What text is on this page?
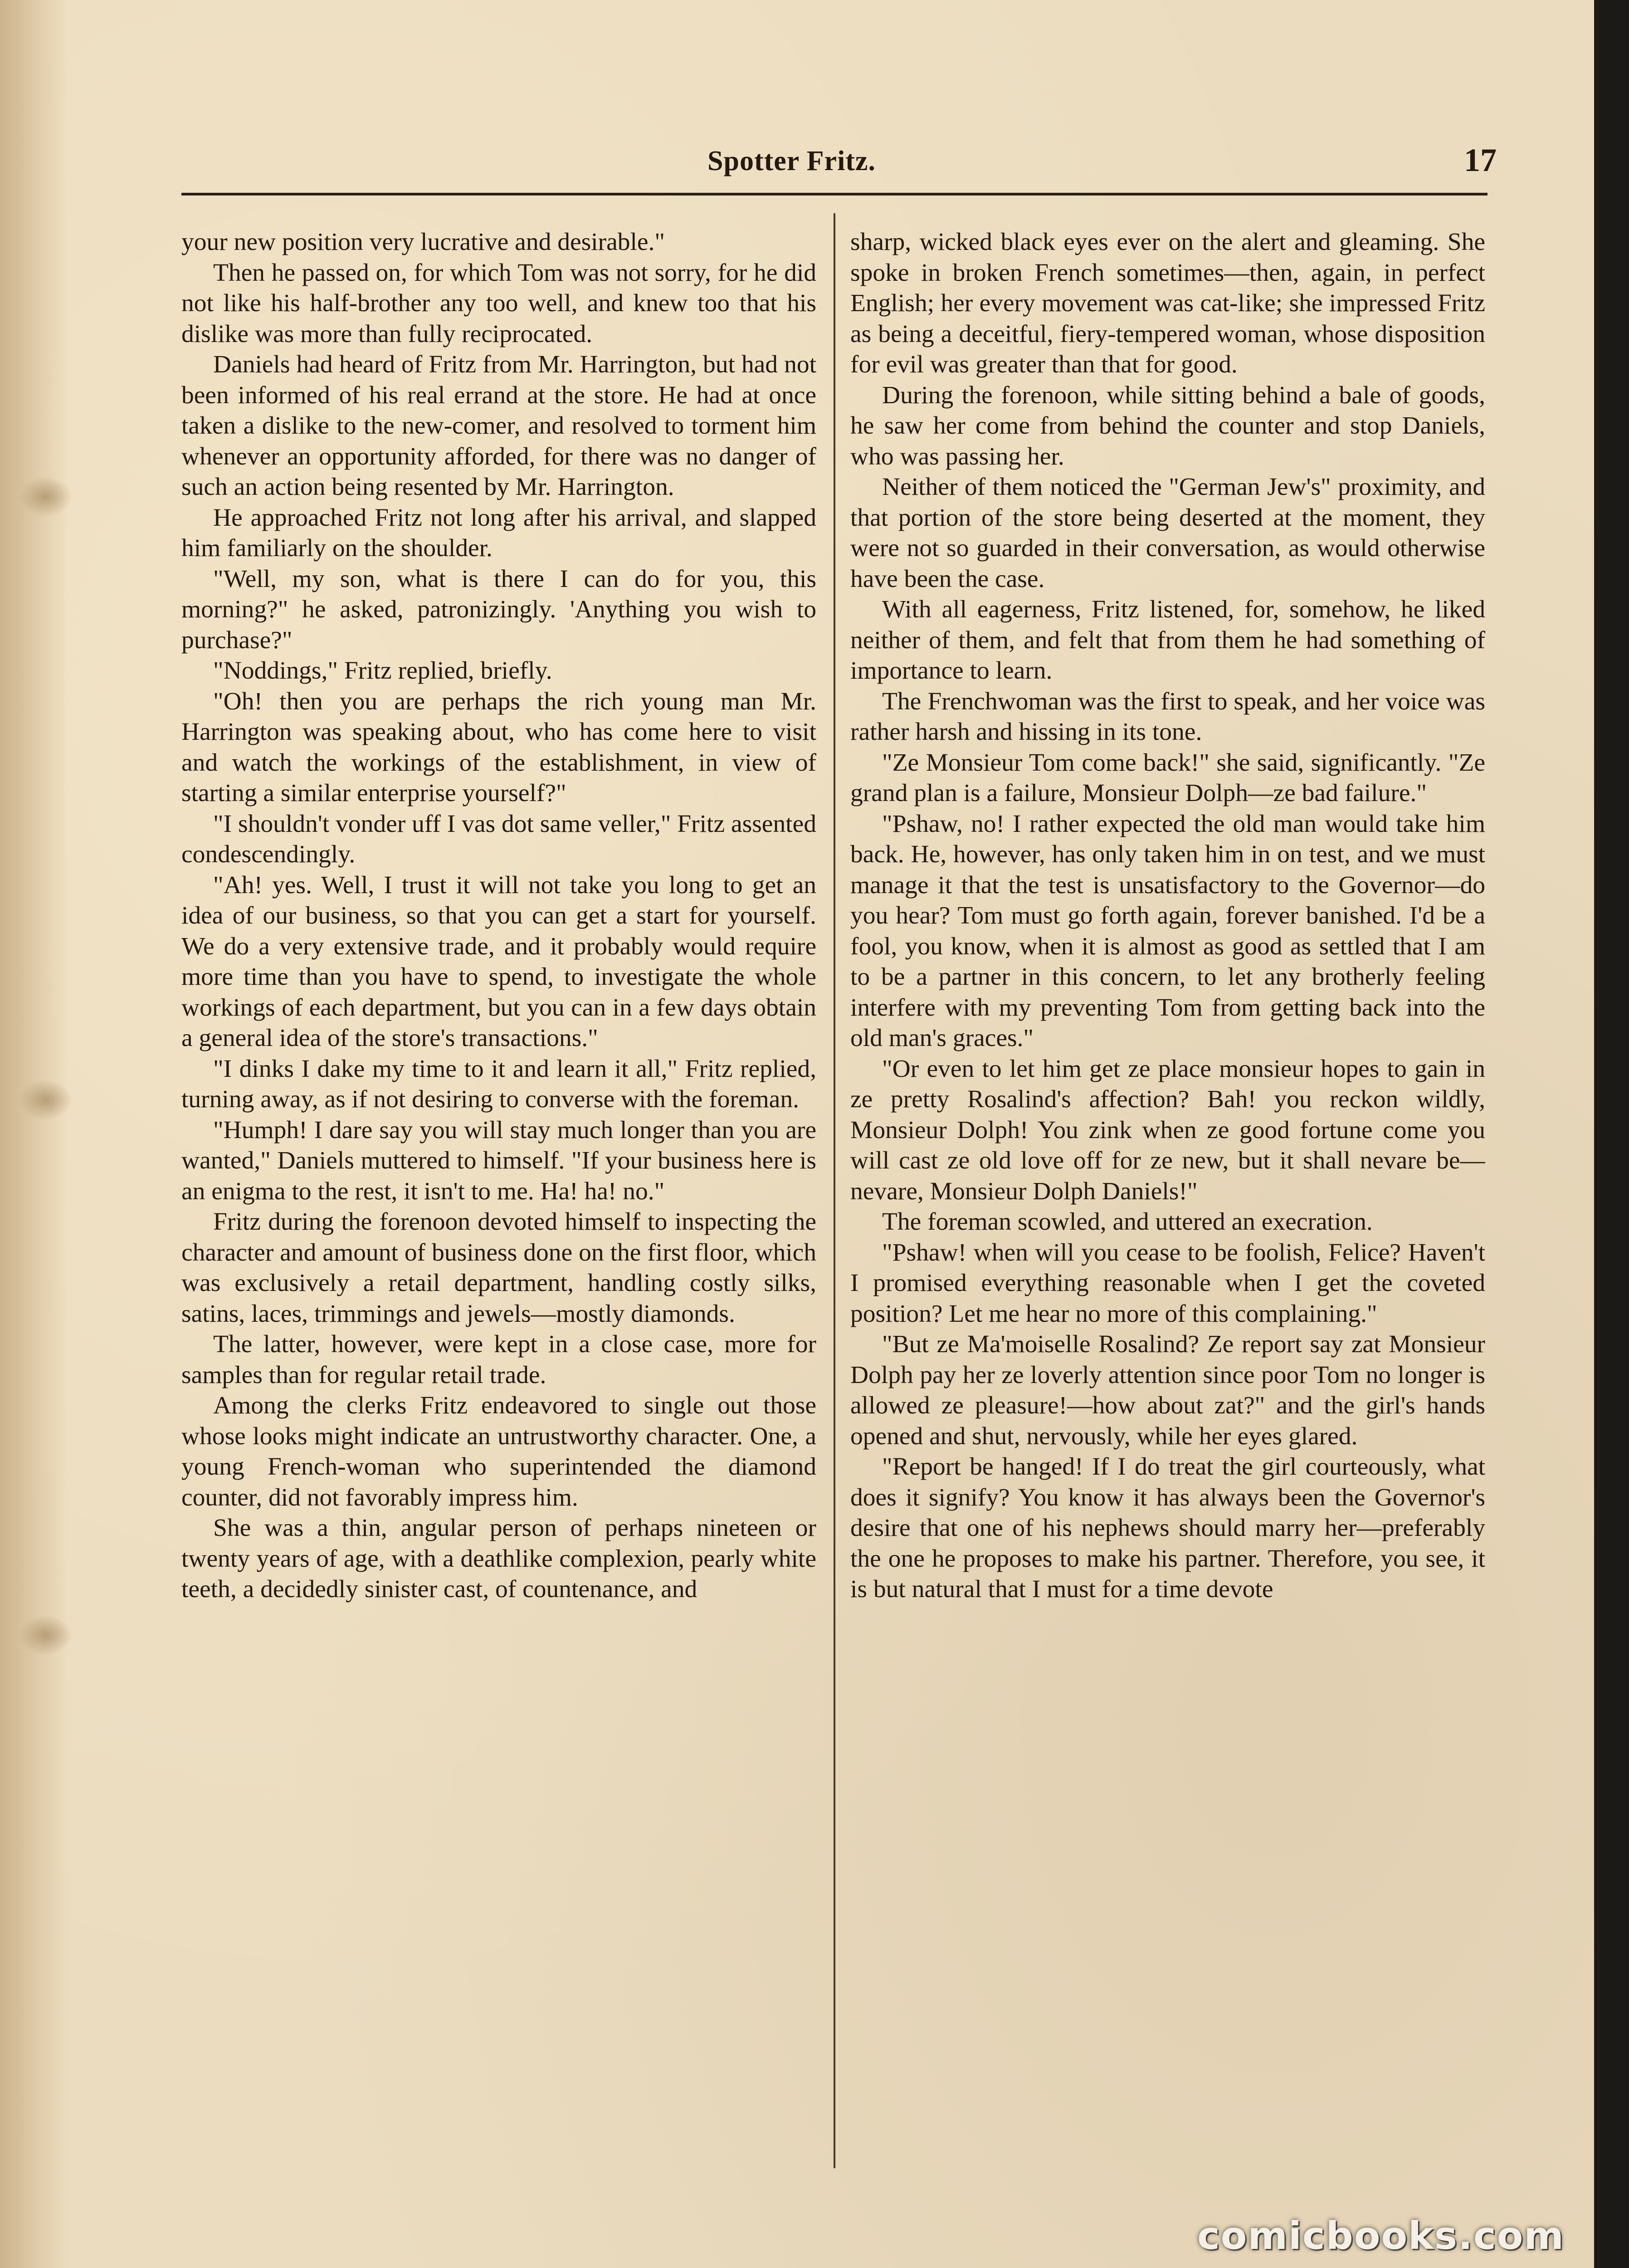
Spotter Fritz.	17

your new position very lucrative and desirable."

Then he passed on, for which Tom was not sorry, for he did not like his half-brother any too well, and knew too that his dislike was more than fully reciprocated.

Daniels had heard of Fritz from Mr. Harrington, but had not been informed of his real errand at the store. He had at once taken a dislike to the new-comer, and resolved to torment him whenever an opportunity afforded, for there was no danger of such an action being resented by Mr. Harrington.

He approached Fritz not long after his arrival, and slapped him familiarly on the shoulder.

"Well, my son, what is there I can do for you, this morning?" he asked, patronizingly. 'Anything you wish to purchase?"

"Noddings," Fritz replied, briefly.

"Oh! then you are perhaps the rich young man Mr. Harrington was speaking about, who has come here to visit and watch the workings of the establishment, in view of starting a similar enterprise yourself?"

"I shouldn't vonder uff I vas dot same veller," Fritz assented condescendingly.

"Ah! yes. Well, I trust it will not take you long to get an idea of our business, so that you can get a start for yourself. We do a very extensive trade, and it probably would require more time than you have to spend, to investigate the whole workings of each department, but you can in a few days obtain a general idea of the store's transactions."

"I dinks I dake my time to it and learn it all," Fritz replied, turning away, as if not desiring to converse with the foreman.

"Humph! I dare say you will stay much longer than you are wanted," Daniels muttered to himself. "If your business here is an enigma to the rest, it isn't to me. Ha! ha! no."

Fritz during the forenoon devoted himself to inspecting the character and amount of business done on the first floor, which was exclusively a retail department, handling costly silks, satins, laces, trimmings and jewels—mostly diamonds.

The latter, however, were kept in a close case, more for samples than for regular retail trade.

Among the clerks Fritz endeavored to single out those whose looks might indicate an untrustworthy character. One, a young French-woman who superintended the diamond counter, did not favorably impress him.

She was a thin, angular person of perhaps nineteen or twenty years of age, with a deathlike complexion, pearly white teeth, a decidedly sinister cast, of countenance, and

sharp, wicked black eyes ever on the alert and gleaming. She spoke in broken French sometimes—then, again, in perfect English; her every movement was cat-like; she impressed Fritz as being a deceitful, fiery-tempered woman, whose disposition for evil was greater than that for good.

During the forenoon, while sitting behind a bale of goods, he saw her come from behind the counter and stop Daniels, who was passing her.

Neither of them noticed the "German Jew's" proximity, and that portion of the store being deserted at the moment, they were not so guarded in their conversation, as would otherwise have been the case.

With all eagerness, Fritz listened, for, somehow, he liked neither of them, and felt that from them he had something of importance to learn.

The Frenchwoman was the first to speak, and her voice was rather harsh and hissing in its tone.

"Ze Monsieur Tom come back!" she said, significantly. "Ze grand plan is a failure, Monsieur Dolph—ze bad failure."

"Pshaw, no! I rather expected the old man would take him back. He, however, has only taken him in on test, and we must manage it that the test is unsatisfactory to the Governor—do you hear? Tom must go forth again, forever banished. I'd be a fool, you know, when it is almost as good as settled that I am to be a partner in this concern, to let any brotherly feeling interfere with my preventing Tom from getting back into the old man's graces."

"Or even to let him get ze place monsieur hopes to gain in ze pretty Rosalind's affection? Bah! you reckon wildly, Monsieur Dolph! You zink when ze good fortune come you will cast ze old love off for ze new, but it shall nevare be—nevare, Monsieur Dolph Daniels!"

The foreman scowled, and uttered an execration.

"Pshaw! when will you cease to be foolish, Felice? Haven't I promised everything reasonable when I get the coveted position? Let me hear no more of this complaining."

"But ze Ma'moiselle Rosalind? Ze report say zat Monsieur Dolph pay her ze loverly attention since poor Tom no longer is allowed ze pleasure!—how about zat?" and the girl's hands opened and shut, nervously, while her eyes glared.

"Report be hanged! If I do treat the girl courteously, what does it signify? You know it has always been the Governor's desire that one of his nephews should marry her—preferably the one he proposes to make his partner. Therefore, you see, it is but natural that I must for a time devote

comicbooks.com
